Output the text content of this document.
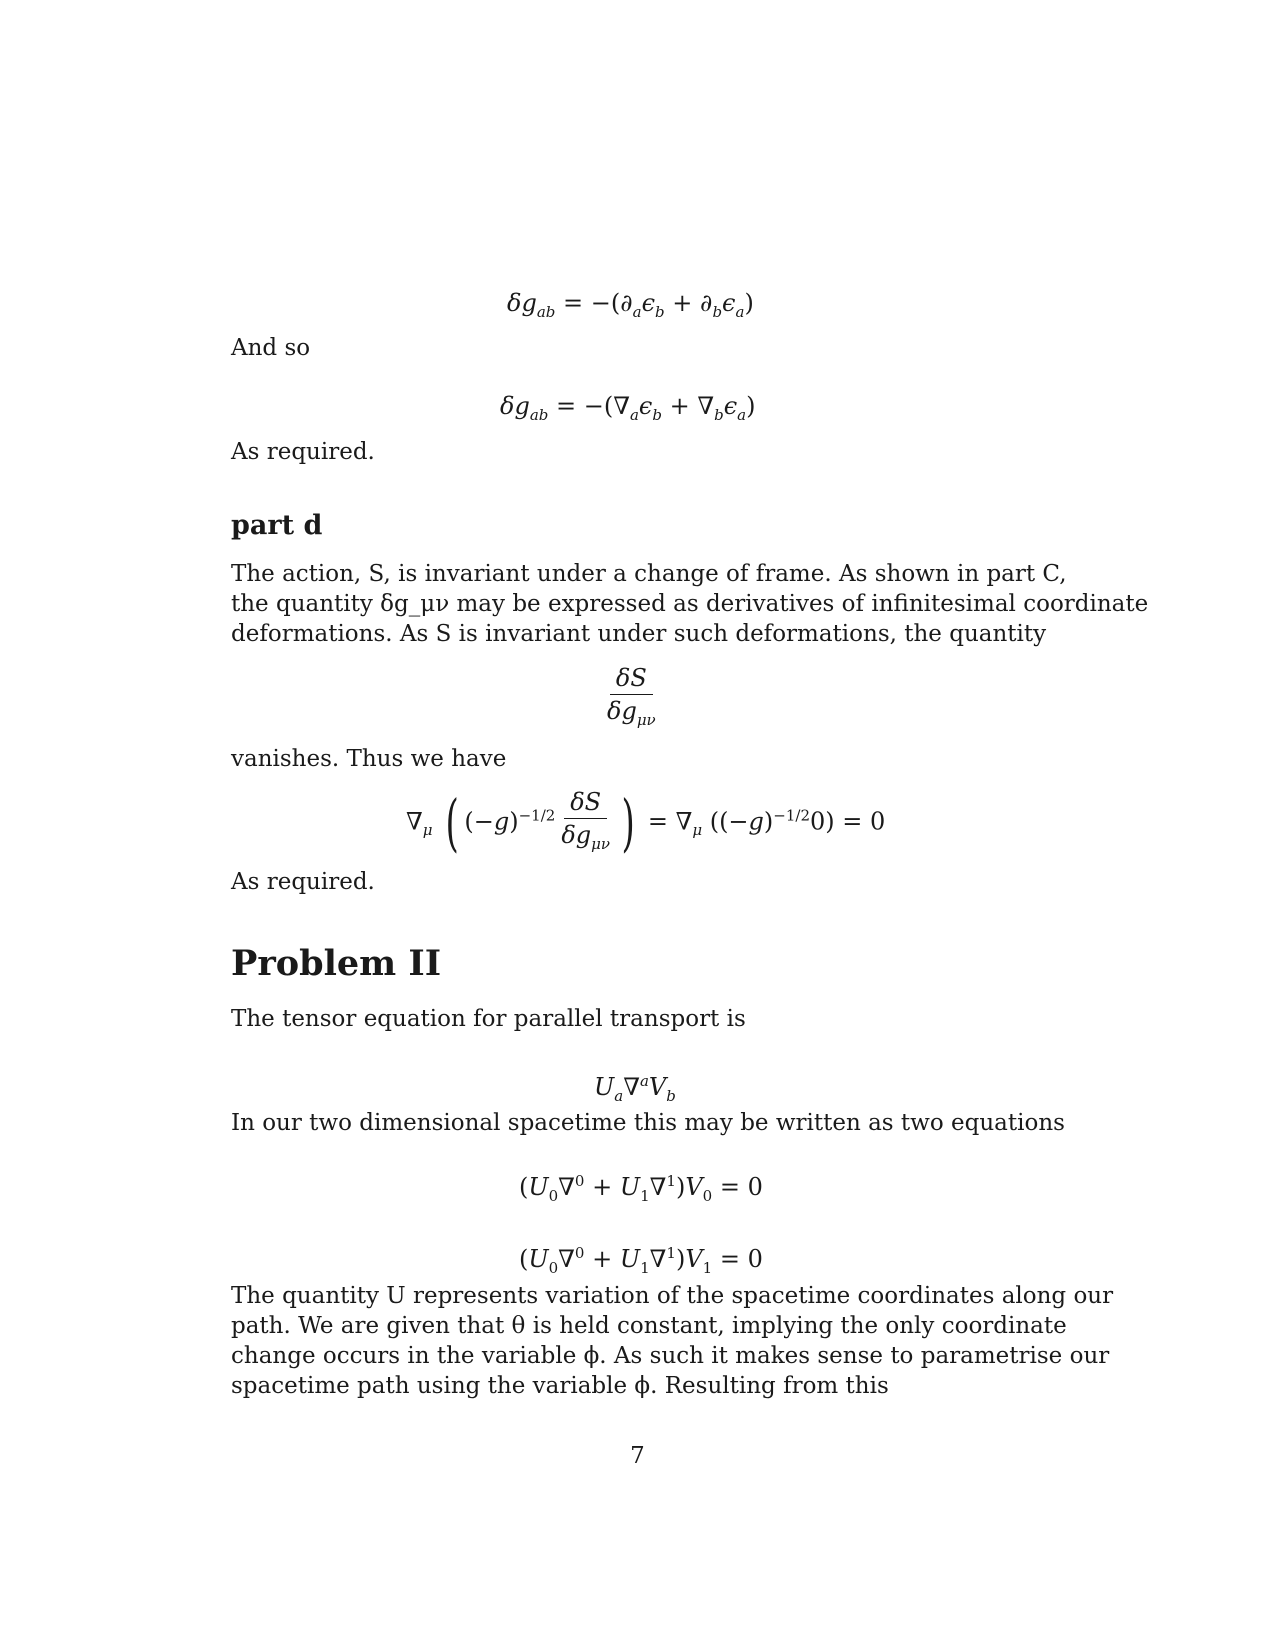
$\delta g_{ab} = -(\partial_a\epsilon_b + \partial_b\epsilon_a)$
And so
$\delta g_{ab} = -(\nabla_a\epsilon_b + \nabla_b\epsilon_a)$
As required.
part d
The action, S, is invariant under a change of frame. As shown in part C,
the quantity δg_μν may be expressed as derivatives of infinitesimal coordinate
deformations. As S is invariant under such deformations, the quantity
$\frac{\delta S}{\delta g_{\mu\nu}}$
vanishes. Thus we have
$\nabla_\mu$ ( $(-g)^{-1/2} \frac{\delta S}{\delta g_{\mu\nu}}$ ) = $\nabla_\mu$ $((-g)^{-1/2}0) = 0$
As required.
Problem II
The tensor equation for parallel transport is
$U_a\nabla^aV_b$
In our two dimensional spacetime this may be written as two equations
$(U_0\nabla^0 + U_1\nabla^1)V_0 = 0$
$(U_0\nabla^0 + U_1\nabla^1)V_1 = 0$
The quantity U represents variation of the spacetime coordinates along our
path. We are given that θ is held constant, implying the only coordinate
change occurs in the variable ϕ. As such it makes sense to parametrise our
spacetime path using the variable ϕ. Resulting from this
7
